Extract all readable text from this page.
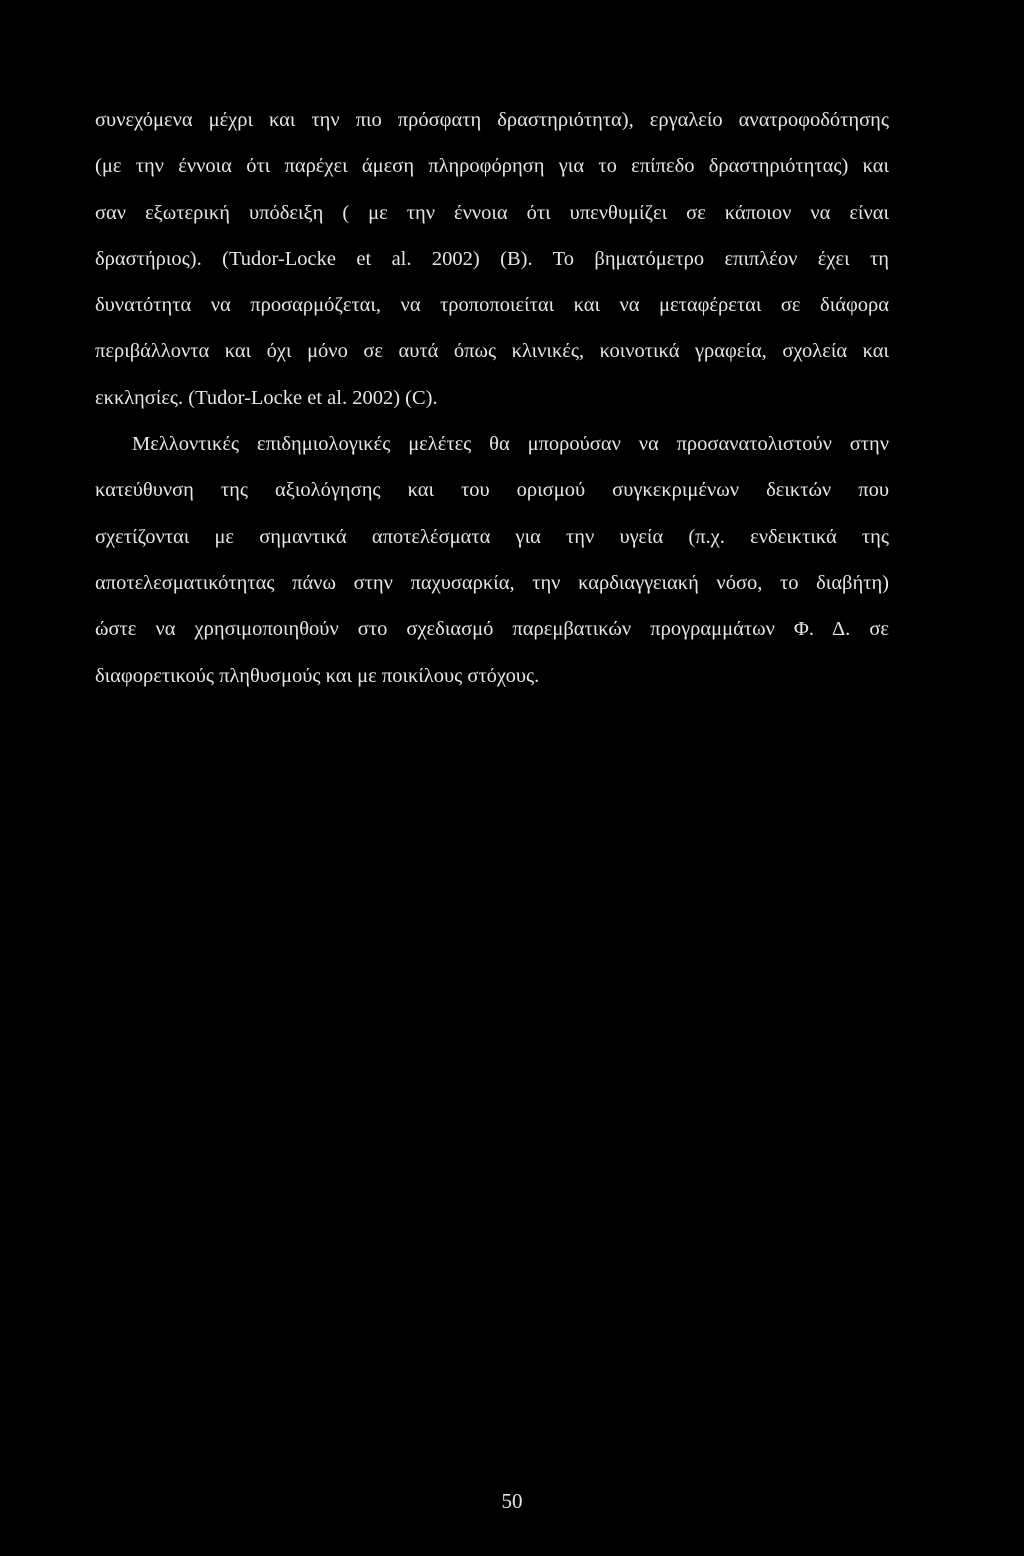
συνεχόμενα μέχρι και την πιο πρόσφατη δραστηριότητα), εργαλείο ανατροφοδότησης
(με την έννοια ότι παρέχει άμεση πληροφόρηση για το επίπεδο δραστηριότητας) και
σαν εξωτερική υπόδειξη ( με την έννοια ότι υπενθυμίζει σε κάποιον να είναι
δραστήριος). (Tudor-Locke et al. 2002) (B). Το βηματόμετρο επιπλέον έχει τη
δυνατότητα να προσαρμόζεται, να τροποποιείται και να μεταφέρεται σε διάφορα
περιβάλλοντα και όχι μόνο σε αυτά όπως κλινικές, κοινοτικά γραφεία, σχολεία και
εκκλησίες. (Tudor-Locke et al. 2002) (C).
Μελλοντικές επιδημιολογικές μελέτες θα μπορούσαν να προσανατολιστούν στην
κατεύθυνση της αξιολόγησης και του ορισμού συγκεκριμένων δεικτών που
σχετίζονται με σημαντικά αποτελέσματα για την υγεία (π.χ. ενδεικτικά της
αποτελεσματικότητας πάνω στην παχυσαρκία, την καρδιαγγειακή νόσο, το διαβήτη)
ώστε να χρησιμοποιηθούν στο σχεδιασμό παρεμβατικών προγραμμάτων Φ. Δ. σε
διαφορετικούς πληθυσμούς και με ποικίλους στόχους.
50
